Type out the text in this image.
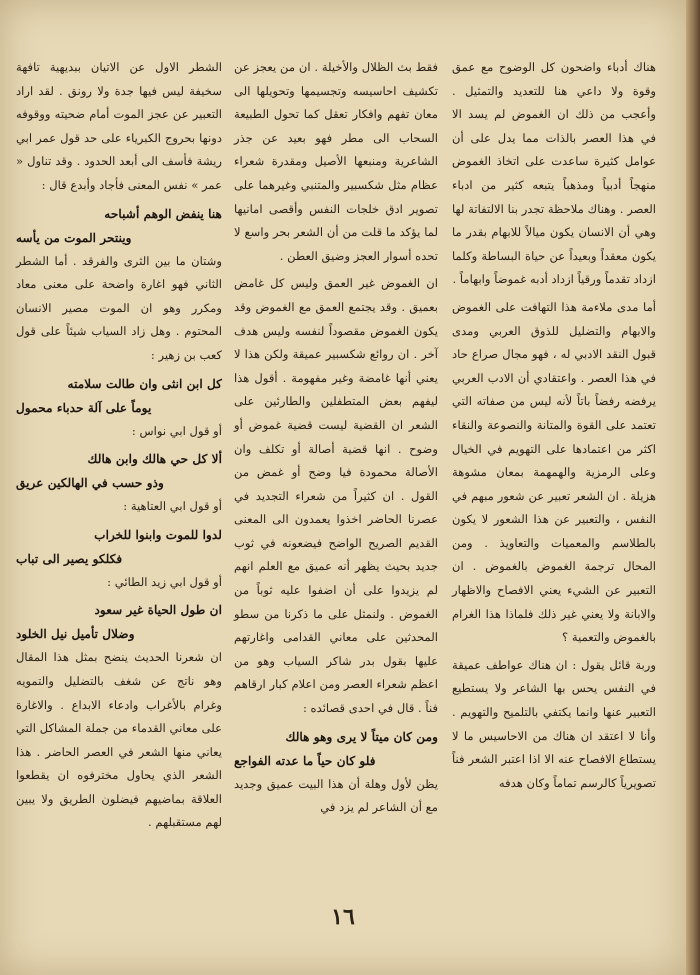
هناك أدباء واضحون كل الوضوح مع عمق وقوة ولا داعي هنا للتعديد والتمثيل . وأعجب من ذلك ان الغموض لم يسد الا في هذا العصر بالذات مما يدل على أن عوامل كثيرة ساعدت على اتخاذ الغموض منهجاً أدبياً ومذهباً يتبعه كثير من ادباء العصر . وهناك ملاحظة تجدر بنا الالتفاتة لها وهي أن الانسان يكون ميالاً للابهام بقدر ما يكون معقداً وبعيداً عن حياة البساطة وكلما ازداد تقدماً ورقياً ازداد أدبه غموضاً وابهاماً .

أما مدى ملاءمة هذا التهافت على الغموض والابهام والتضليل للذوق العربي ومدى قبول النقد الادبي له ، فهو مجال صراع حاد في هذا العصر . واعتقادي أن الادب العربي يرفضه رفضاً باتاً لأنه ليس من صفاته التي تعتمد على القوة والمتانة والنصوعة والنقاء اكثر من اعتمادها على التهويم في الخيال وعلى الرمزية والهمهمة بمعان مشوهة هزيلة . ان الشعر تعبير عن شعور مبهم في النفس ، والتعبير عن هذا الشعور لا يكون بالطلاسم والمعميات والتعاويذ . ومن المحال ترجمة الغموض بالغموض . ان التعبير عن الشيء يعني الافصاح والاظهار والابانة ولا يعني غير ذلك فلماذا هذا الغرام بالغموض والتعمية ؟

وربة قائل يقول : ان هناك عواطف عميقة في النفس يحس بها الشاعر ولا يستطيع التعبير عنها وانما يكتفي بالتلميح والتهويم . وأنا لا اعتقد ان هناك من الاحاسيس ما لا يستطاع الافصاح عنه الا اذا اعتبر الشعر فناً تصويرياً كالرسم تماماً وكان هدفه

فقط بث الظلال والأخيلة . ان من يعجز عن تكشيف احاسيسه وتجسيمها وتحويلها الى معان تفهم وافكار تعقل كما تحول الطبيعة السحاب الى مطر فهو بعيد عن جذر الشاعرية ومنبعها الأصيل ومقدرة شعراء عظام مثل شكسبير والمتنبي وغيرهما على تصوير ادق خلجات النفس وأقصى امانيها لما يؤكد ما قلت من أن الشعر بحر واسع لا تحده أسوار العجز وضيق العطن .

ان الغموض غير العمق وليس كل غامض بعميق . وقد يجتمع العمق مع الغموض وقد يكون الغموض مقصوداً لنفسه وليس هدف آخر . ان روائع شكسبير عميقة ولكن هذا لا يعني أنها غامضة وغير مفهومة . أقول هذا ليفهم بعض المتطفلين والطارئين على الشعر ان القضية ليست قضية غموض أو وضوح . انها قضية أصالة أو تكلف وان الأصالة محمودة فيا وضح أو غمض من القول . ان كثيراً من شعراء التجديد في عصرنا الحاضر اخذوا يعمدون الى المعنى القديم الصريح الواضح فيضعونه في ثوب جديد بحيث يظهر أنه عميق مع العلم انهم لم يزيدوا على أن اضفوا عليه ثوباً من الغموض . ولنمثل على ما ذكرنا من سطو المحدثين على معاني القدامى واغارتهم عليها بقول بدر شاكر السياب وهو من اعظم شعراء العصر ومن اعلام كبار ارقاهم فناً . قال في احدى قصائده :

ومن كان ميتاً لا يرى وهو هالك
فلو كان حياً ما عدته الفواجع

يظن لأول وهلة أن هذا البيت عميق وجديد مع أن الشاعر لم يزد في

الشطر الاول عن الاتيان ببديهية تافهة سخيفة ليس فيها جدة ولا رونق . لقد اراد التعبير عن عجز الموت أمام ضحيته ووقوفه دونها بحروج الكبرياء على حد قول عمر ابي ريشة فأسف الى أبعد الحدود . وقد تناول « عمر » نفس المعنى فأجاد وأبدع قال :

هنا ينفض الوهم أشباحه
وينتحر الموت من يأسه

وشتان ما بين الثرى والفرقد . أما الشطر الثاني فهو اغارة واضحة على معنى معاد ومكرر وهو ان الموت مصير الانسان المحتوم . وهل زاد السياب شيئاً على قول كعب بن زهير :

كل ابن انثى وان طالت سلامته
يوماً على آلة حدباء محمول

أو قول ابي نواس :

ألا كل حي هالك وابن هالك
وذو حسب في الهالكين عريق

أو قول ابي العتاهية :

لدوا للموت وابنوا للخراب
فكلكو يصير الى تباب

أو قول ابي زيد الطائي :

ان طول الحياة غير سعود
وضلال تأميل نيل الخلود

ان شعرنا الحديث ينضح بمثل هذا المقال وهو ناتج عن شغف بالتضليل والتمويه وغرام بالأغراب وادعاء الابداع . والاغارة على معاني القدماء من جملة المشاكل التي يعاني منها الشعر في العصر الحاضر . هذا الشعر الذي يحاول مخترفوه ان يقطعوا العلاقة بماضيهم فيضلون الطريق ولا يبين لهم مستقبلهم .

١٦
